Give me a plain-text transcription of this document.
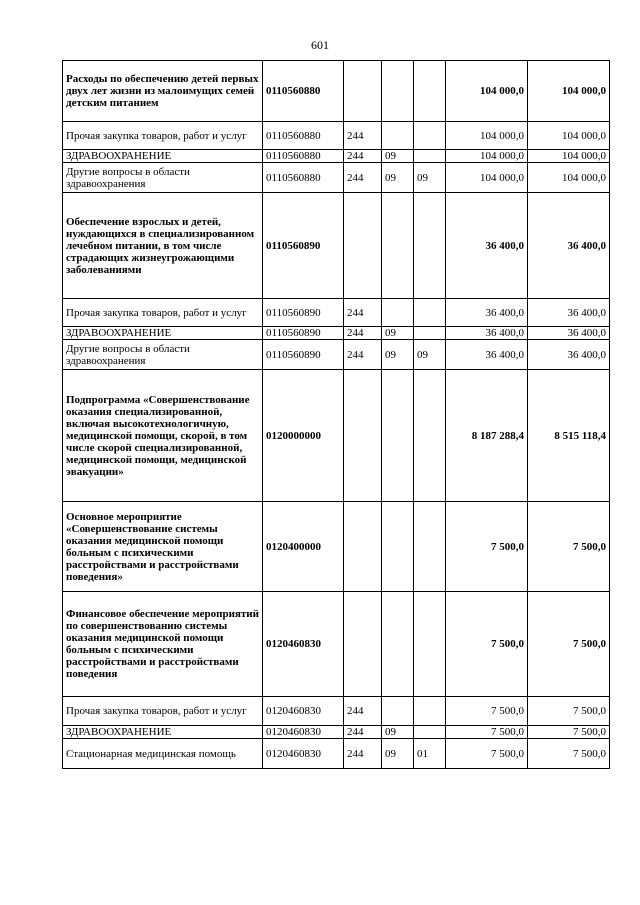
601
Расходы по обеспечению детей первых двух лет жизни из малоимущих семей детским питанием	0110560880				104 000,0	104 000,0
Прочая закупка товаров, работ и услуг	0110560880	244			104 000,0	104 000,0
ЗДРАВООХРАНЕНИЕ	0110560880	244	09		104 000,0	104 000,0
Другие вопросы в области здравоохранения	0110560880	244	09	09	104 000,0	104 000,0
Обеспечение взрослых и детей, нуждающихся в специализированном лечебном питании, в том числе страдающих жизнеугрожающими заболеваниями	0110560890				36 400,0	36 400,0
Прочая закупка товаров, работ и услуг	0110560890	244			36 400,0	36 400,0
ЗДРАВООХРАНЕНИЕ	0110560890	244	09		36 400,0	36 400,0
Другие вопросы в области здравоохранения	0110560890	244	09	09	36 400,0	36 400,0
Подпрограмма «Совершенствование оказания специализированной, включая высокотехнологичную, медицинской помощи, скорой, в том числе скорой специализированной, медицинской помощи, медицинской эвакуации»	0120000000				8 187 288,4	8 515 118,4
Основное мероприятие «Совершенствование системы оказания медицинской помощи больным с психическими расстройствами и расстройствами поведения»	0120400000				7 500,0	7 500,0
Финансовое обеспечение мероприятий по совершенствованию системы оказания медицинской помощи больным с психическими расстройствами и расстройствами поведения	0120460830				7 500,0	7 500,0
Прочая закупка товаров, работ и услуг	0120460830	244			7 500,0	7 500,0
ЗДРАВООХРАНЕНИЕ	0120460830	244	09		7 500,0	7 500,0
Стационарная медицинская помощь	0120460830	244	09	01	7 500,0	7 500,0
